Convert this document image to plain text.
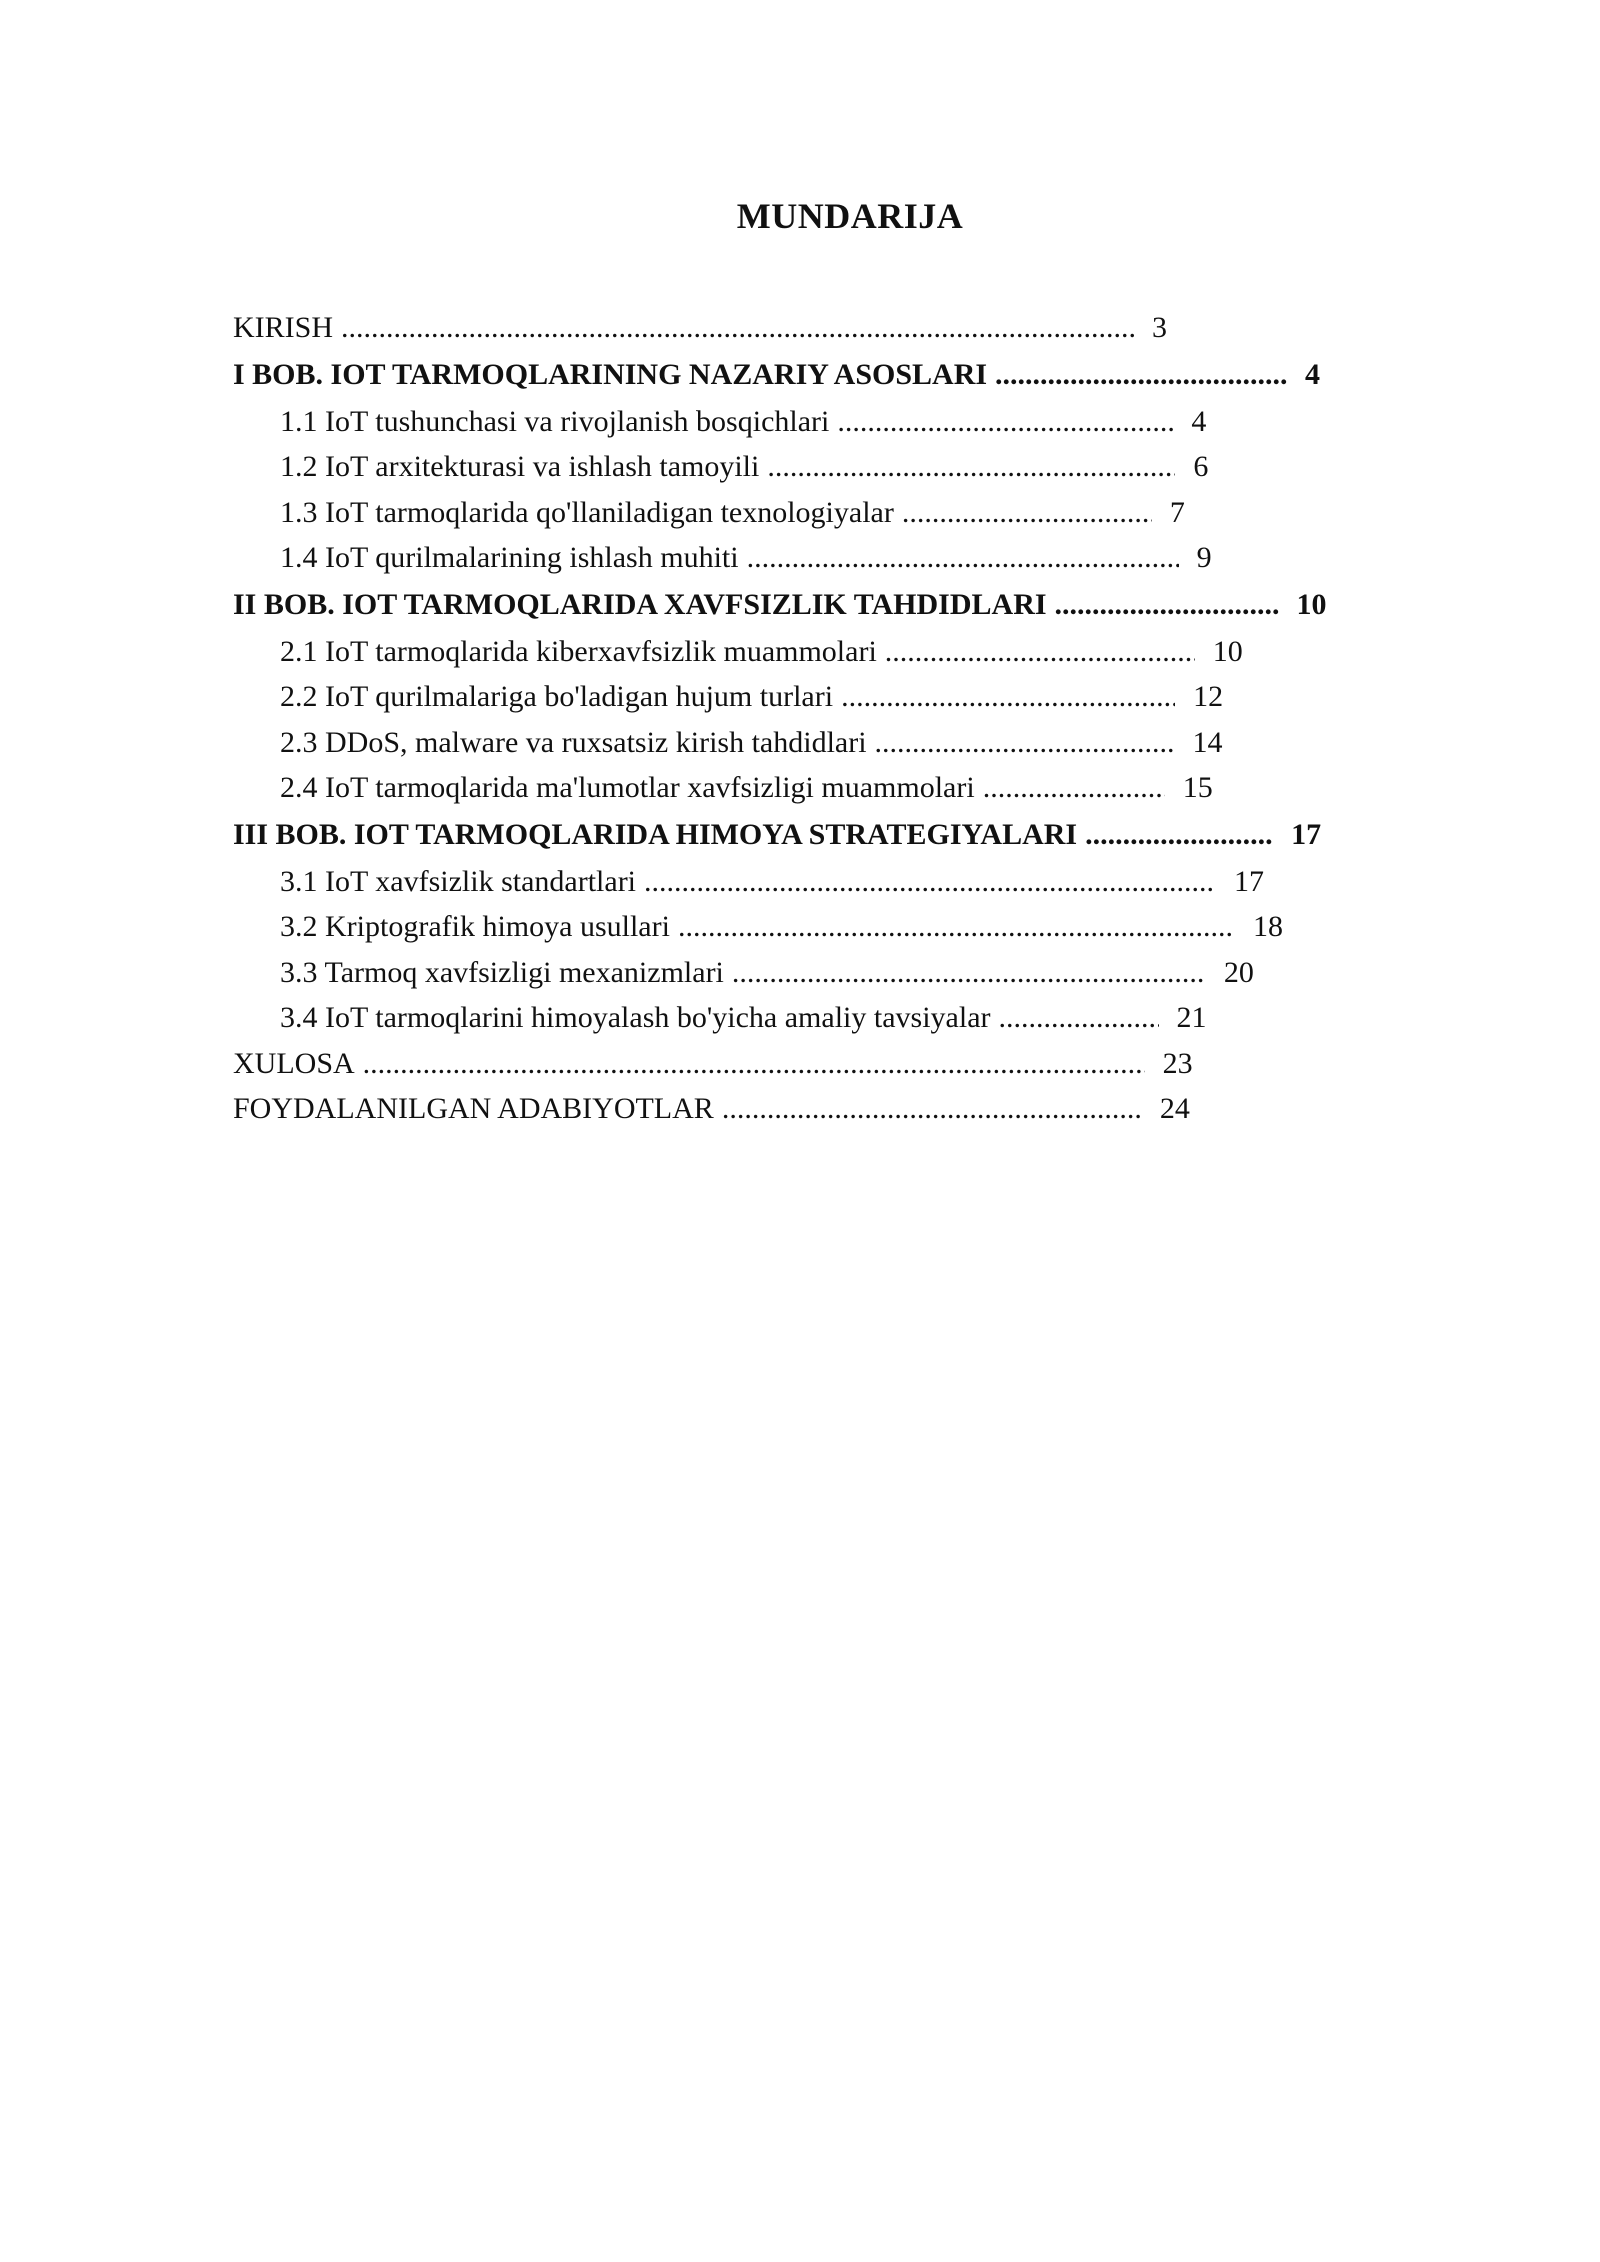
MUNDARIJA
KIRISH .....	3
I BOB. IOT TARMOQLARINING NAZARIY ASOSLARI .....	4
1.1 IoT tushunchasi va rivojlanish bosqichlari .....	4
1.2 IoT arxitekturasi va ishlash tamoyili .....	6
1.3 IoT tarmoqlarida qo'llaniladigan texnologiyalar .....	7
1.4 IoT qurilmalarining ishlash muhiti .....	9
II BOB. IOT TARMOQLARIDA XAVFSIZLIK TAHDIDLARI .....	10
2.1 IoT tarmoqlarida kiberxavfsizlik muammolari .....	10
2.2 IoT qurilmalariga bo'ladigan hujum turlari .....	12
2.3 DDoS, malware va ruxsatsiz kirish tahdidlari .....	14
2.4 IoT tarmoqlarida ma'lumotlar xavfsizligi muammolari .....	15
III BOB. IOT TARMOQLARIDA HIMOYA STRATEGIYALARI .....	17
3.1 IoT xavfsizlik standartlari .....	17
3.2 Kriptografik himoya usullari .....	18
3.3 Tarmoq xavfsizligi mexanizmlari .....	20
3.4 IoT tarmoqlarini himoyalash bo'yicha amaliy tavsiyalar .....	21
XULOSA .....	23
FOYDALANILGAN ADABIYOTLAR .....	24
